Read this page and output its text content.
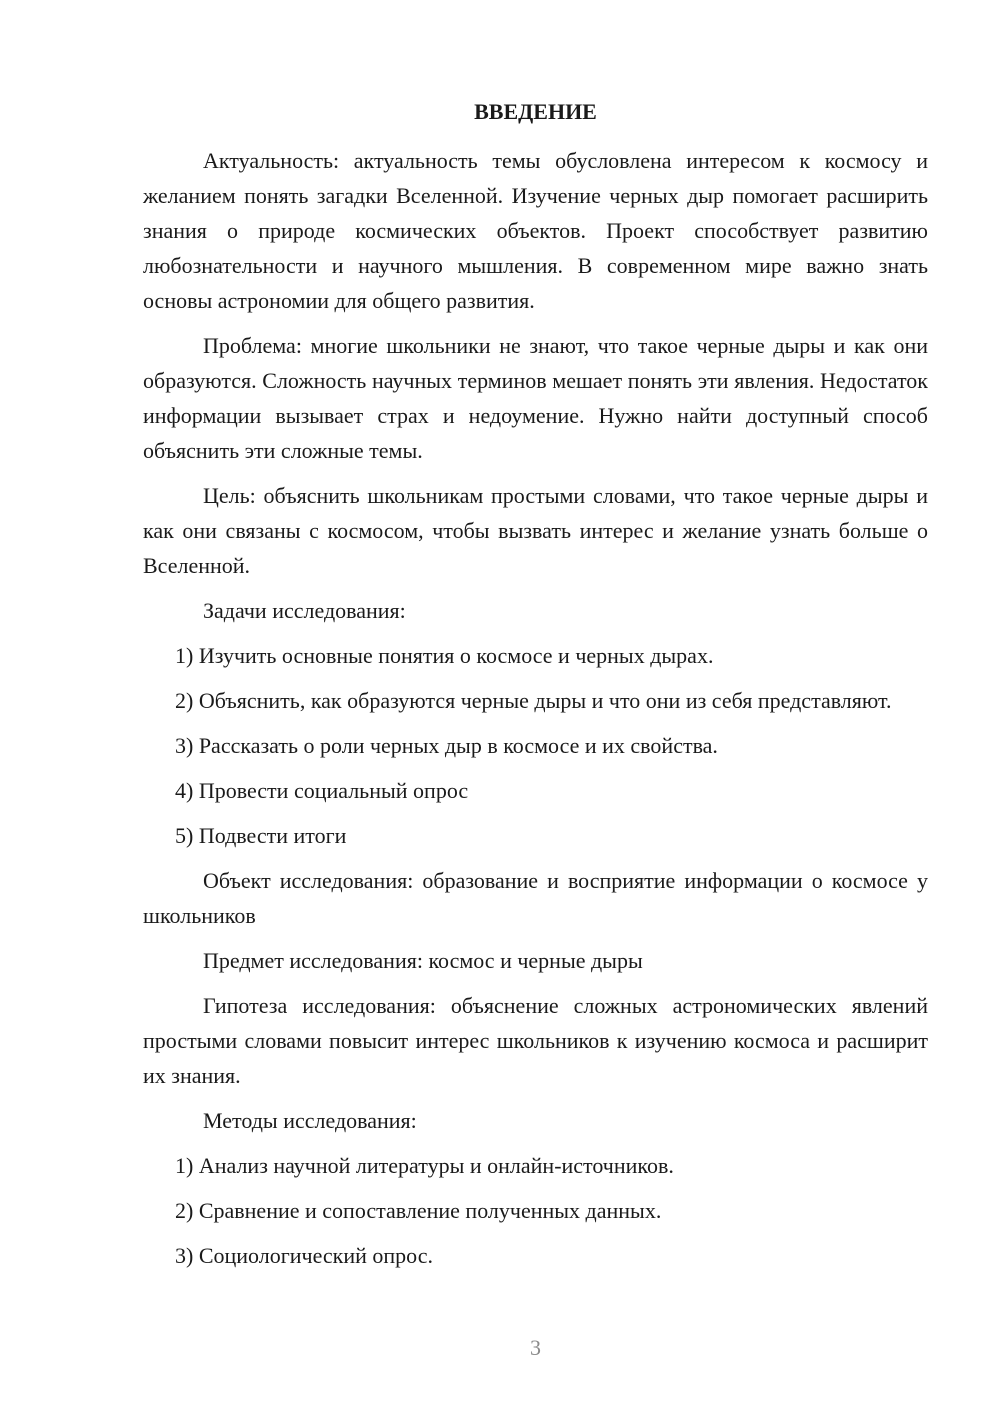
ВВЕДЕНИЕ

Актуальность: актуальность темы обусловлена интересом к космосу и желанием понять загадки Вселенной. Изучение черных дыр помогает расширить знания о природе космических объектов. Проект способствует развитию любознательности и научного мышления. В современном мире важно знать основы астрономии для общего развития.

Проблема: многие школьники не знают, что такое черные дыры и как они образуются. Сложность научных терминов мешает понять эти явления. Недостаток информации вызывает страх и недоумение. Нужно найти доступный способ объяснить эти сложные темы.

Цель: объяснить школьникам простыми словами, что такое черные дыры и как они связаны с космосом, чтобы вызвать интерес и желание узнать больше о Вселенной.

Задачи исследования:

1) Изучить основные понятия о космосе и черных дырах.

2) Объяснить, как образуются черные дыры и что они из себя представляют.

3) Рассказать о роли черных дыр в космосе и их свойства.

4) Провести социальный опрос

5) Подвести итоги

Объект исследования: образование и восприятие информации о космосе у школьников

Предмет исследования: космос и черные дыры

Гипотеза исследования: объяснение сложных астрономических явлений простыми словами повысит интерес школьников к изучению космоса и расширит их знания.

Методы исследования:

1) Анализ научной литературы и онлайн-источников.

2) Сравнение и сопоставление полученных данных.

3) Социологический опрос.

3
